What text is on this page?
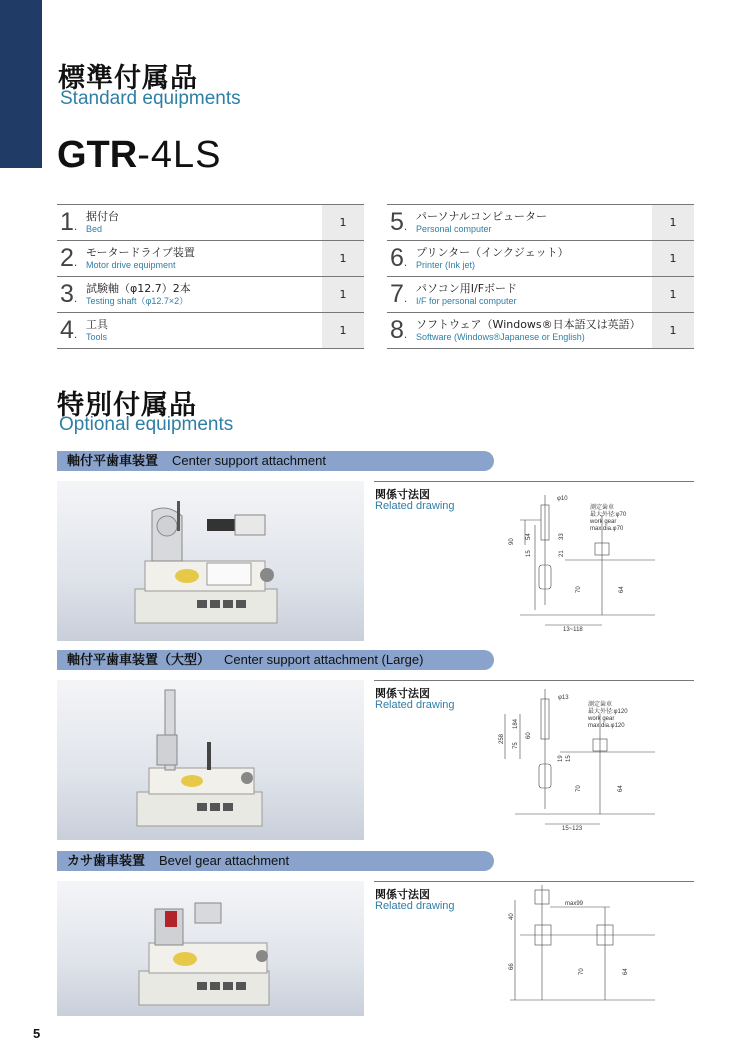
標準付属品
Standard equipments
GTR-4LS
1.	据付台
Bed	1
2.	モータードライブ装置
Motor drive equipment	1
3.	試験軸（φ12.7）2本
Testing shaft（φ12.7×2）	1
4.	工具
Tools	1
5.	パーソナルコンピューター
Personal computer	1
6.	プリンター（インクジェット）
Printer (Ink jet)	1
7.	パソコン用I/Fボード
I/F for personal computer	1
8.	ソフトウェア（Windows®日本語又は英語）
Software (Windows®Japanese or English)	1
特別付属品
Optional equipments
軸付平歯車装置 Center support attachment
関係寸法図
Related drawing
φ10
測定歯車
最大外径:φ70
work gear
max.dia.φ70
90
54	33
15	21
70	64
13~118
軸付平歯車装置（大型） Center support attachment (Large)
関係寸法図
Related drawing
φ13
測定歯車
最大外径:φ120
work gear
max.dia.φ120
258
184
60
75
19 15
70	64
15~123
カサ歯車装置 Bevel gear attachment
関係寸法図
Related drawing	max99
40
66
70	64
5
